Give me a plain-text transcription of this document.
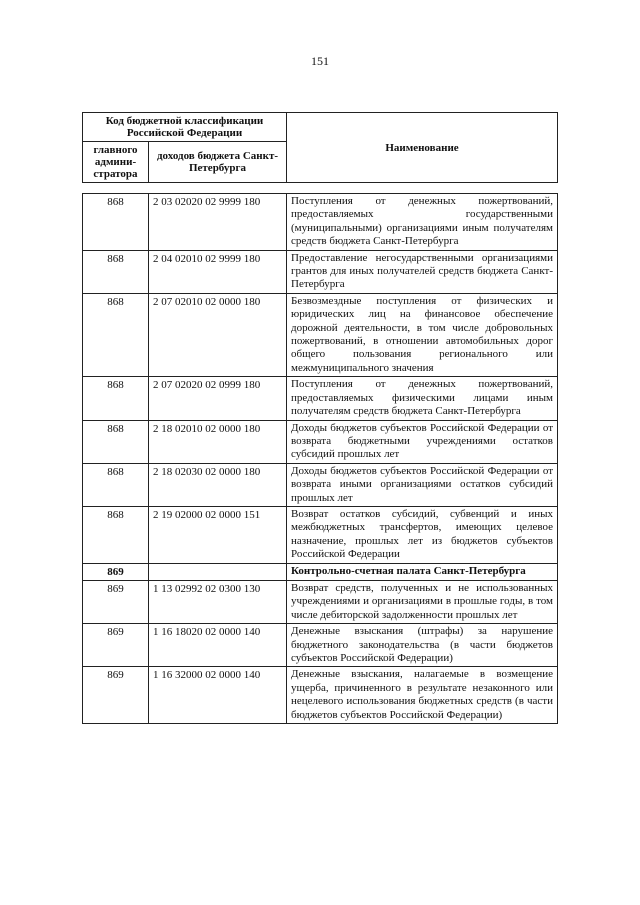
151
Код бюджетной классификации Российской Федерации		Наименование
главного админи-стратора	доходов бюджета Санкт-Петербурга	
868	2 03 02020 02 9999 180	Поступления от денежных пожертвований, предоставляемых государственными (муниципальными) организациями иным получателям средств бюджета Санкт-Петербурга
868	2 04 02010 02 9999 180	Предоставление негосударственными организациями грантов для иных получателей средств бюджета Санкт-Петербурга
868	2 07 02010 02 0000 180	Безвозмездные поступления от физических и юридических лиц на финансовое обеспечение дорожной деятельности, в том числе добровольных пожертвований, в отношении автомобильных дорог общего пользования регионального или межмуниципального значения
868	2 07 02020 02 0999 180	Поступления от денежных пожертвований, предоставляемых физическими лицами иным получателям средств бюджета Санкт-Петербурга
868	2 18 02010 02 0000 180	Доходы бюджетов субъектов Российской Федерации от возврата бюджетными учреждениями остатков субсидий прошлых лет
868	2 18 02030 02 0000 180	Доходы бюджетов субъектов Российской Федерации от возврата иными организациями остатков субсидий прошлых лет
868	2 19 02000 02 0000 151	Возврат остатков субсидий, субвенций и иных межбюджетных трансфертов, имеющих целевое назначение, прошлых лет из бюджетов субъектов Российской Федерации
869		Контрольно-счетная палата Санкт-Петербурга
869	1 13 02992 02 0300 130	Возврат средств, полученных и не использованных учреждениями и организациями в прошлые годы, в том числе дебиторской задолженности прошлых лет
869	1 16 18020 02 0000 140	Денежные взыскания (штрафы) за нарушение бюджетного законодательства (в части бюджетов субъектов Российской Федерации)
869	1 16 32000 02 0000 140	Денежные взыскания, налагаемые в возмещение ущерба, причиненного в результате незаконного или нецелевого использования бюджетных средств (в части бюджетов субъектов Российской Федерации)
